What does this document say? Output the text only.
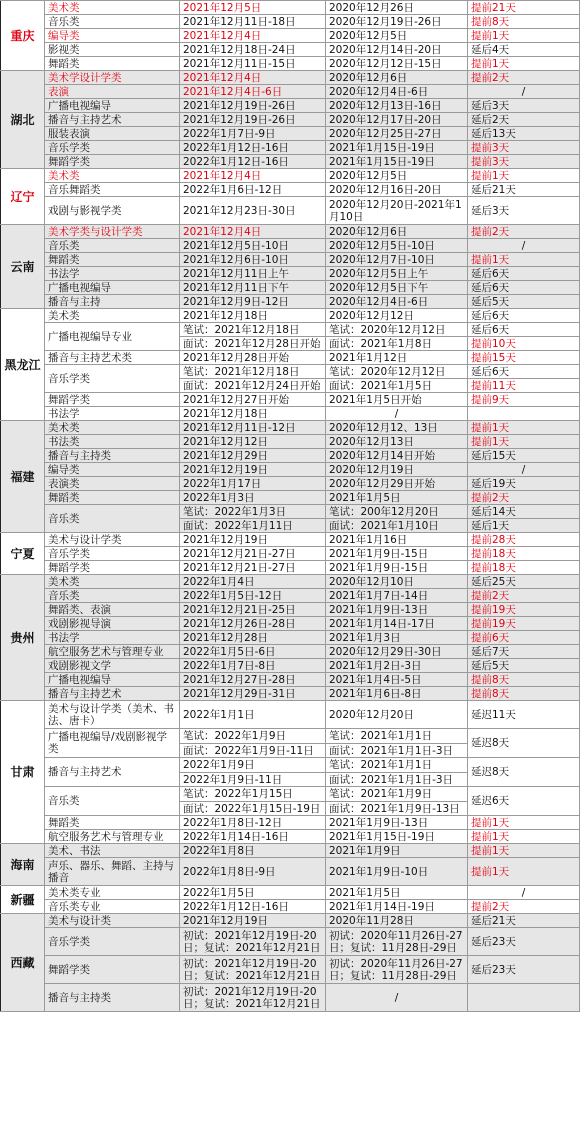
重庆	美术类	2021年12月5日	2020年12月26日	提前21天
	音乐类	2021年12月11日-18日	2020年12月19日-26日	提前8天
	编导类	2021年12月4日	2020年12月5日	提前1天
	影视类	2021年12月18日-24日	2020年12月14日-20日	延后4天
	舞蹈类	2021年12月11日-15日	2020年12月12日-15日	提前1天
湖北	美术学设计学类	2021年12月4日	2020年12月6日	提前2天
	表演	2021年12月4日-6日	2020年12月4日-6日	/
	广播电视编导	2021年12月19日-26日	2020年12月13日-16日	延后3天
	播音与主持艺术	2021年12月19日-26日	2020年12月17日-20日	延后2天
	服装表演	2022年1月7日-9日	2020年12月25日-27日	延后13天
	音乐学类	2022年1月12日-16日	2021年1月15日-19日	提前3天
	舞蹈学类	2022年1月12日-16日	2021年1月15日-19日	提前3天
辽宁	美术类	2021年12月4日	2020年12月5日	提前1天
	音乐舞蹈类	2022年1月6日-12日	2020年12月16日-20日	延后21天
	戏剧与影视学类	2021年12月23日-30日	2020年12月20日-2021年1月10日	延后3天
云南	美术学类与设计学类	2021年12月4日	2020年12月6日	提前2天
	音乐类	2021年12月5日-10日	2020年12月5日-10日	/
	舞蹈类	2021年12月6日-10日	2020年12月7日-10日	提前1天
	书法学	2021年12月11日上午	2020年12月5日上午	延后6天
	广播电视编导	2021年12月11日下午	2020年12月5日下午	延后6天
	播音与主持	2021年12月9日-12日	2020年12月4日-6日	延后5天
黑龙江	美术类	2021年12月18日	2020年12月12日	延后6天
	广播电视编导专业	笔试：2021年12月18日	笔试：2020年12月12日	延后6天
		面试：2021年12月28日开始	面试：2021年1月8日	提前10天
	播音与主持艺术类	2021年12月28日开始	2021年1月12日	提前15天
	音乐学类	笔试：2021年12月18日	笔试：2020年12月12日	延后6天
		面试：2021年12月24日开始	面试：2021年1月5日	提前11天
	舞蹈学类	2021年12月27日开始	2021年1月5日开始	提前9天
	书法学	2021年12月18日	/	
福建	美术类	2021年12月11日-12日	2020年12月12、13日	提前1天
	书法类	2021年12月12日	2020年12月13日	提前1天
	播音与主持类	2021年12月29日	2020年12月14日开始	延后15天
	编导类	2021年12月19日	2020年12月19日	/
	表演类	2022年1月17日	2020年12月29日开始	延后19天
	舞蹈类	2022年1月3日	2021年1月5日	提前2天
	音乐类	笔试：2022年1月3日	笔试：200年12月20日	延后14天
		面试：2022年1月11日	面试：2021年1月10日	延后1天
宁夏	美术与设计学类	2021年12月19日	2021年1月16日	提前28天
	音乐学类	2021年12月21日-27日	2021年1月9日-15日	提前18天
	舞蹈学类	2021年12月21日-27日	2021年1月9日-15日	提前18天
贵州	美术类	2022年1月4日	2020年12月10日	延后25天
	音乐类	2022年1月5日-12日	2021年1月7日-14日	提前2天
	舞蹈类、表演	2021年12月21日-25日	2021年1月9日-13日	提前19天
	戏剧影视导演	2021年12月26日-28日	2021年1月14日-17日	提前19天
	书法学	2021年12月28日	2021年1月3日	提前6天
	航空服务艺术与管理专业	2022年1月5日-6日	2020年12月29日-30日	延后7天
	戏剧影视文学	2022年1月7日-8日	2021年1月2日-3日	延后5天
	广播电视编导	2021年12月27日-28日	2021年1月4日-5日	提前8天
	播音与主持艺术	2021年12月29日-31日	2021年1月6日-8日	提前8天
甘肃	美术与设计学类（美术、书法、唐卡）	2022年1月1日	2020年12月20日	延迟11天
	广播电视编导/戏剧影视学类	笔试：2022年1月9日	笔试：2021年1月1日	延迟8天
		面试：2022年1月9日-11日	面试：2021年1月1日-3日	
	播音与主持艺术	2022年1月9日	笔试：2021年1月1日	延迟8天
		2022年1月9日-11日	面试：2021年1月1日-3日	
	音乐类	笔试：2022年1月15日	笔试：2021年1月9日	延迟6天
		面试：2022年1月15日-19日	面试：2021年1月9日-13日	
	舞蹈类	2022年1月8日-12日	2021年1月9日-13日	提前1天
	航空服务艺术与管理专业	2022年1月14日-16日	2021年1月15日-19日	提前1天
海南	美术、书法	2022年1月8日	2021年1月9日	提前1天
	声乐、器乐、舞蹈、主持与播音	2022年1月8日-9日	2021年1月9日-10日	提前1天
新疆	美术类专业	2022年1月5日	2021年1月5日	/
	音乐类专业	2022年1月12日-16日	2021年1月14日-19日	提前2天
西藏	美术与设计类	2021年12月19日	2020年11月28日	延后21天
	音乐学类	初试：2021年12月19日-20日；复试：2021年12月21日	初试：2020年11月26日-27日；复试：11月28日-29日	延后23天
	舞蹈学类	初试：2021年12月19日-20日；复试：2021年12月21日	初试：2020年11月26日-27日；复试：11月28日-29日	延后23天
	播音与主持类	初试：2021年12月19日-20日；复试：2021年12月21日	/	
